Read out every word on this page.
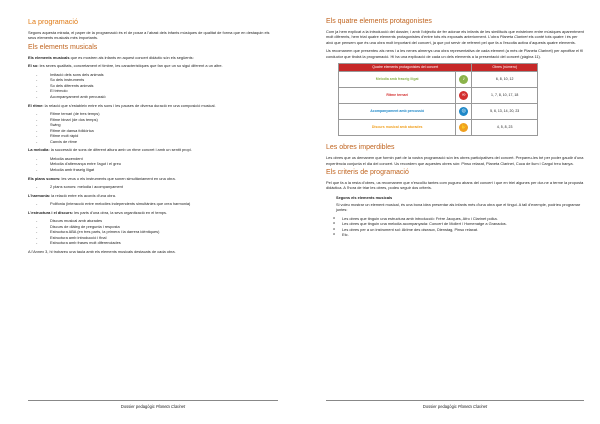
La programació

Segons aquesta mirada, el paper de la programació és el de posar a l'abast dels infants músiques de qualitat de forma que en destaquin els seus elements musicals més importants.

Els elements musicals

Els elements musicals que es mostren als infants en aquest concert didàctic són els següents:

El so: les seves qualitats, concretament el timbre, les característiques que fan que un so sigui diferent a un altre.

- Imitació dels sons dels animals
- So dels instruments
- So dels diferents animals
- El trèmolo
- Acompanyament amb percussió

El ritme: la relació que s'estableix entre els sons i les pauses de diversa duració en una composició musical.

- Ritme ternari (de tres temps)
- Ritme binari (de dos temps)
- Swing
- Ritme de dansa folklòrica
- Ritme molt ràpid
- Canvis de ritme

La melodia: la successió de sons de diferent altura amb un ritme concret i amb un sentit propi.

- Melodia ascendent
- Melodia d'alternança entre l'agut i el greu
- Melodia amb fraseig lligat

Els plans sonors: les veus o els instruments que sonen simultàniament en una obra.

- 2 plans sonors: melodia i acompanyament

L'harmonia: la relació entre els acords d'una obra.

- Polifonia (interacció entre melodies independents simultànies que crea harmonia)

L'estructura i el discurs: les parts d'una obra, la seva organització en el temps.

- Discurs musical amb aturades
- Discurs de diàleg de pregunta i resposta
- Estructura ABA (en tres parts, la primera i la darrera idèntiques)
- Estructura amb introducció i final
- Estructura amb frases molt diferenciades

A l'Annex 3, hi trobareu una taula amb els elements musicals destacats de cada obra.

Dossier pedagògic Planeta Clarinet
Els quatre elements protagonistes

Com ja hem explicat a la introducció del dossier, i amb l'objectiu de fer adonar els infants de les similituds que existeixen entre músiques aparentment molt diferents, hem triat quatre elements protagonistes d'entre tots els exposats anteriorment. L'obra Planeta Clarinet els conté tots quatre i és per això que pensem que és una obra molt important del concert, ja que pot servir de referent pel que fa a l'escolta activa d'aquests quatre elements.

Us recomanem que presenteu als nens i a les nenes almenys una obra representativa de cada element (a més de Planeta Clarinet) per aprofitar el fil conductor que tindrà la programació. Hi ha una explicació de cada un dels elements a la presentació del concert (pàgina 11).

Quatre elements protagonistes del concert		Obres (número)
Melodia amb fraseig lligat	♪	6, 8, 10, 12
Ritme ternari	∞	1, 7, 8, 10, 17, 18
Acompanyament amb percussió	◎	5, 6, 13, 14, 20, 23
Discurs musical amb aturades	✋	4, 5, 8, 23
Les obres imperdibles

Les obres que us demanem que formin part de la vostra programació són les obres participatives del concert. Prepareu-les bé per poder gaudir d'una experiència conjunta el dia del concert. Us recordem que aquestes obres són: Pinso relaxat, Planeta Clarinet, Cuca de llum i Cargol treu banya.

Els criteris de programació

Pel que fa a la resta d'obres, us recomanem que n'escolliu tantes com pugueu abans del concert i que en triei algunes per dur-ne a terme la proposta didàctica. A l'hora de triar les obres, podeu seguir dos criteris.

Segons els elements musicals

Si voleu mostrar un element musical, és una bona idea presentar als infants més d'una obra que el tingui. A tall d'exemple, podríeu programar juntes:

o Les obres que tinguin una estructura amb introducció: Frère Jacques, Afro i Clarinet polka.
o Les obres que tinguin una melodia acompanyada: Concert de Mollert / Homenatge a Granados.
o Les obres per a un instrument sol: Abîme des oiseaux, Dienstag, Pinso relaxat.
o Etc.
Dossier pedagògic Planeta Clarinet
